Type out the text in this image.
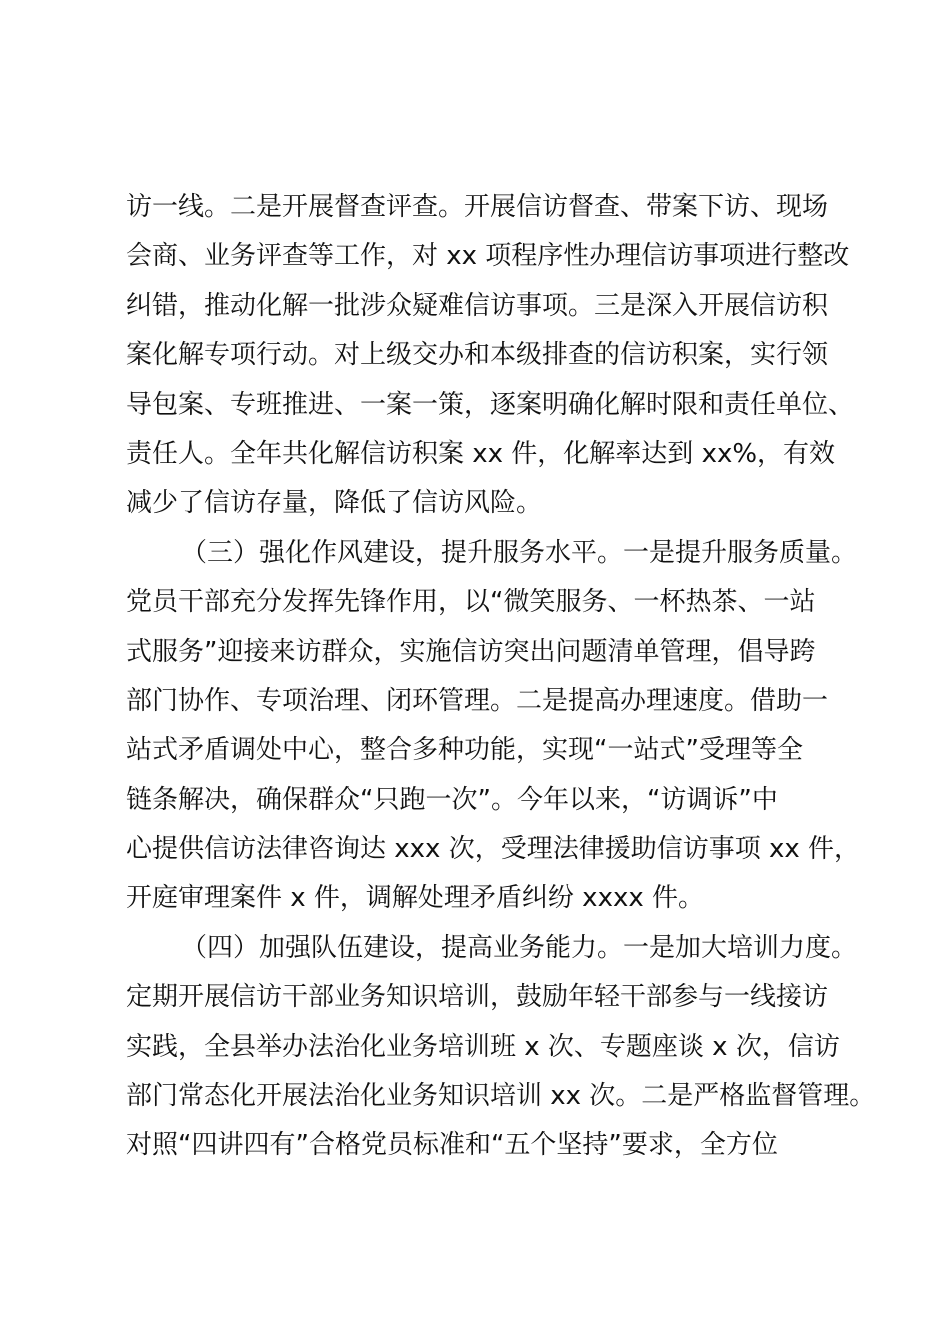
访一线。二是开展督查评查。开展信访督查、带案下访、现场
会商、业务评查等工作，对 xx 项程序性办理信访事项进行整改
纠错，推动化解一批涉众疑难信访事项。三是深入开展信访积
案化解专项行动。对上级交办和本级排查的信访积案，实行领
导包案、专班推进、一案一策，逐案明确化解时限和责任单位、
责任人。全年共化解信访积案 xx 件，化解率达到 xx%，有效
减少了信访存量，降低了信访风险。
（三）强化作风建设，提升服务水平。一是提升服务质量。
党员干部充分发挥先锋作用，以“微笑服务、一杯热茶、一站
式服务”迎接来访群众，实施信访突出问题清单管理，倡导跨
部门协作、专项治理、闭环管理。二是提高办理速度。借助一
站式矛盾调处中心，整合多种功能，实现“一站式”受理等全
链条解决，确保群众“只跑一次”。今年以来，“访调诉”中
心提供信访法律咨询达 xxx 次，受理法律援助信访事项 xx 件，
开庭审理案件 x 件，调解处理矛盾纠纷 xxxx 件。
（四）加强队伍建设，提高业务能力。一是加大培训力度。
定期开展信访干部业务知识培训，鼓励年轻干部参与一线接访
实践，全县举办法治化业务培训班 x 次、专题座谈 x 次，信访
部门常态化开展法治化业务知识培训 xx 次。二是严格监督管理。
对照“四讲四有”合格党员标准和“五个坚持”要求，全方位
